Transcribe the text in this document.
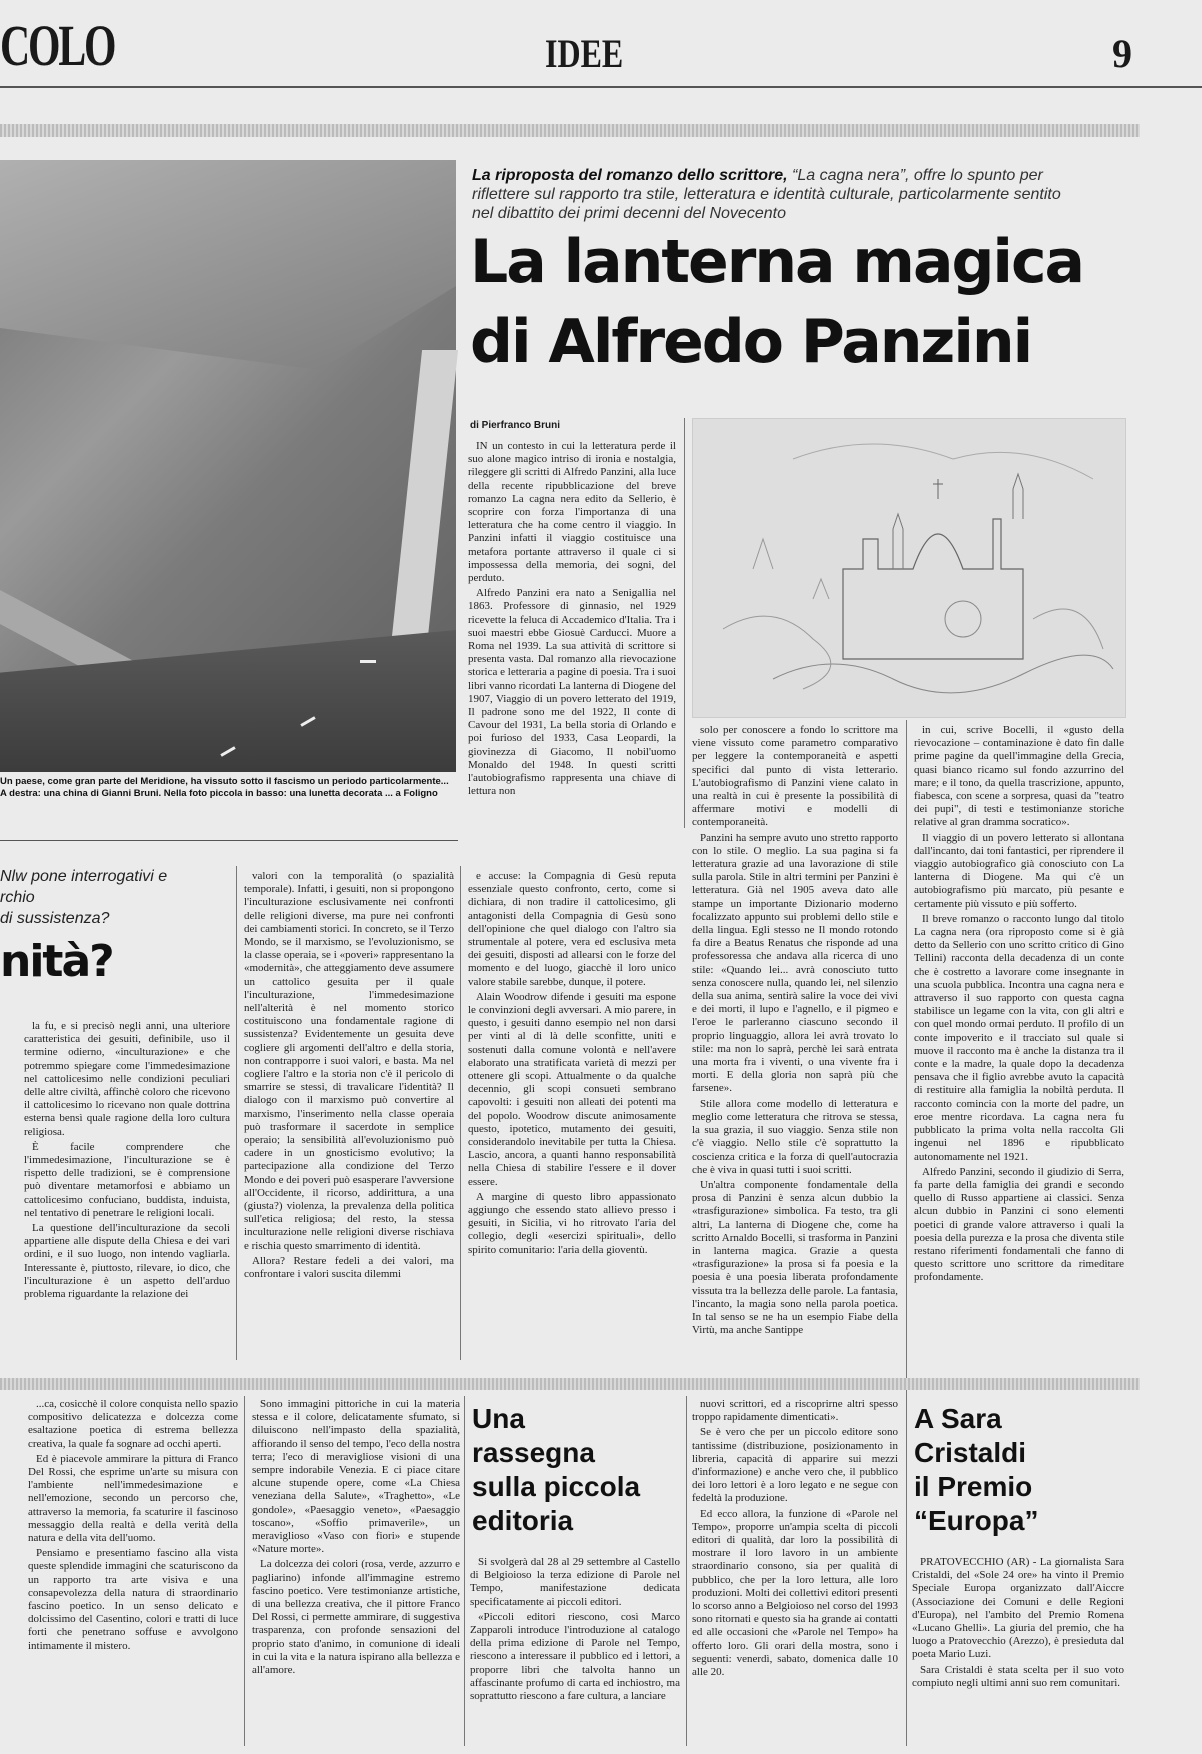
COLO	IDEE	9
Un paese, come gran parte del Meridione, ha vissuto sotto il fascismo un periodo particolarmente... A destra: una china di Gianni Bruni. Nella foto piccola in basso: una lunetta decorata ... a Foligno
La riproposta del romanzo dello scrittore, “La cagna nera”, offre lo spunto per riflettere sul rapporto tra stile, letteratura e identità culturale, particolarmente sentito nel dibattito dei primi decenni del Novecento
La lanterna magica
di Alfredo Panzini
di Pierfranco Bruni

IN un contesto in cui la letteratura perde il suo alone magico intriso di ironia e nostalgia, rileggere gli scritti di Alfredo Panzini, alla luce della recente ripubblicazione del breve romanzo La cagna nera edito da Sellerio, è scoprire con forza l'importanza di una letteratura che ha come centro il viaggio. In Panzini infatti il viaggio costituisce una metafora portante attraverso il quale ci si impossessa della memoria, dei sogni, del perduto.

Alfredo Panzini era nato a Senigallia nel 1863. Professore di ginnasio, nel 1929 ricevette la feluca di Accademico d'Italia. Tra i suoi maestri ebbe Giosuè Carducci. Muore a Roma nel 1939. La sua attività di scrittore si presenta vasta. Dal romanzo alla rievocazione storica e letteraria a pagine di poesia. Tra i suoi libri vanno ricordati La lanterna di Diogene del 1907, Viaggio di un povero letterato del 1919, Il padrone sono me del 1922, Il conte di Cavour del 1931, La bella storia di Orlando e poi furioso del 1933, Casa Leopardi, la giovinezza di Giacomo, Il nobil'uomo Monaldo del 1948. In questi scritti l'autobiografismo rappresenta una chiave di lettura non

solo per conoscere a fondo lo scrittore ma viene vissuto come parametro comparativo per leggere la contemporaneità e aspetti specifici dal punto di vista letterario. L'autobiografismo di Panzini viene calato in una realtà in cui è presente la possibilità di affermare motivi e modelli di contemporaneità.

Panzini ha sempre avuto uno stretto rapporto con lo stile. O meglio. La sua pagina si fa letteratura grazie ad una lavorazione di stile sulla parola. Stile in altri termini per Panzini è letteratura. Già nel 1905 aveva dato alle stampe un importante Dizionario moderno focalizzato appunto sui problemi dello stile e della lingua. Egli stesso ne Il mondo rotondo fa dire a Beatus Renatus che risponde ad una professoressa che andava alla ricerca di uno stile: «Quando lei... avrà conosciuto tutto senza conoscere nulla, quando lei, nel silenzio della sua anima, sentirà salire la voce dei vivi e dei morti, il lupo e l'agnello, e il pigmeo e l'eroe le parleranno ciascuno secondo il proprio linguaggio, allora lei avrà trovato lo stile: ma non lo saprà, perchè lei sarà entrata una morta fra i viventi, o una vivente fra i morti. E della gloria non saprà più che farsene».

Stile allora come modello di letteratura e meglio come letteratura che ritrova se stessa, la sua grazia, il suo viaggio. Senza stile non c'è viaggio. Nello stile c'è soprattutto la coscienza critica e la forza di quell'autocrazia che è viva in quasi tutti i suoi scritti.

Un'altra componente fondamentale della prosa di Panzini è senza alcun dubbio la «trasfigurazione» simbolica. Fa testo, tra gli altri, La lanterna di Diogene che, come ha scritto Arnaldo Bocelli, si trasforma in Panzini in lanterna magica. Grazie a questa «trasfigurazione» la prosa si fa poesia e la poesia è una poesia liberata profondamente vissuta tra la bellezza delle parole. La fantasia, l'incanto, la magia sono nella parola poetica. In tal senso se ne ha un esempio Fiabe della Virtù, ma anche Santippe

in cui, scrive Bocelli, il «gusto della rievocazione – contaminazione è dato fin dalle prime pagine da quell'immagine della Grecia, quasi bianco ricamo sul fondo azzurrino del mare; e il tono, da quella trascrizione, appunto, fiabesca, con scene a sorpresa, quasi da "teatro dei pupi", di testi e testimonianze storiche relative al gran dramma socratico».

Il viaggio di un povero letterato si allontana dall'incanto, dai toni fantastici, per riprendere il viaggio autobiografico già conosciuto con La lanterna di Diogene. Ma qui c'è un autobiografismo più marcato, più pesante e certamente più vissuto e più sofferto.

Il breve romanzo o racconto lungo dal titolo La cagna nera (ora riproposto come si è già detto da Sellerio con uno scritto critico di Gino Tellini) racconta della decadenza di un conte che è costretto a lavorare come insegnante in una scuola pubblica. Incontra una cagna nera e attraverso il suo rapporto con questa cagna stabilisce un legame con la vita, con gli altri e con quel mondo ormai perduto. Il profilo di un conte impoverito e il tracciato sul quale si muove il racconto ma è anche la distanza tra il conte e la madre, la quale dopo la decadenza pensava che il figlio avrebbe avuto la capacità di restituire alla famiglia la nobiltà perduta. Il racconto comincia con la morte del padre, un eroe mentre ricordava. La cagna nera fu pubblicato la prima volta nella raccolta Gli ingenui nel 1896 e ripubblicato autonomamente nel 1921.

Alfredo Panzini, secondo il giudizio di Serra, fa parte della famiglia dei grandi e secondo quello di Russo appartiene ai classici. Senza alcun dubbio in Panzini ci sono elementi poetici di grande valore attraverso i quali la poesia della purezza e la prosa che diventa stile restano riferimenti fondamentali che fanno di questo scrittore uno scrittore da rimeditare profondamente.

Nlw pone interrogativi e
rchio
di sussistenza?
nità?

la fu, e si precisò negli anni, una ulteriore caratteristica dei gesuiti, definibile, uso il termine odierno, «inculturazione» e che potremmo spiegare come l'immedesimazione nel cattolicesimo nelle condizioni peculiari delle altre civiltà, affinchè coloro che ricevono il cattolicesimo lo ricevano non quale dottrina esterna bensì quale ragione della loro cultura religiosa.

È facile comprendere che l'immedesimazione, l'inculturazione se è rispetto delle tradizioni, se è comprensione può diventare metamorfosi e abbiamo un cattolicesimo confuciano, buddista, induista, nel tentativo di penetrare le religioni locali.

La questione dell'inculturazione da secoli appartiene alle dispute della Chiesa e dei vari ordini, e il suo luogo, non intendo vagliarla. Interessante è, piuttosto, rilevare, io dico, che l'inculturazione è un aspetto dell'arduo problema riguardante la relazione dei

valori con la temporalità (o spazialità temporale). Infatti, i gesuiti, non si propongono l'inculturazione esclusivamente nei confronti delle religioni diverse, ma pure nei confronti dei cambiamenti storici. In concreto, se il Terzo Mondo, se il marxismo, se l'evoluzionismo, se la classe operaia, se i «poveri» rappresentano la «modernità», che atteggiamento deve assumere un cattolico gesuita per il quale l'inculturazione, l'immedesimazione nell'alterità è nel momento storico costituiscono una fondamentale ragione di sussistenza? Evidentemente un gesuita deve cogliere gli argomenti dell'altro e della storia, non contrapporre i suoi valori, e basta. Ma nel cogliere l'altro e la storia non c'è il pericolo di smarrire se stessi, di travalicare l'identità? Il dialogo con il marxismo può convertire al marxismo, l'inserimento nella classe operaia può trasformare il sacerdote in semplice operaio; la sensibilità all'evoluzionismo può cadere in un gnosticismo evolutivo; la partecipazione alla condizione del Terzo Mondo e dei poveri può esasperare l'avversione all'Occidente, il ricorso, addirittura, a una (giusta?) violenza, la prevalenza della politica sull'etica religiosa; del resto, la stessa inculturazione nelle religioni diverse rischiava e rischia questo smarrimento di identità.

Allora? Restare fedeli a dei valori, ma confrontare i valori suscita dilemmi

e accuse: la Compagnia di Gesù reputa essenziale questo confronto, certo, come si dichiara, di non tradire il cattolicesimo, gli antagonisti della Compagnia di Gesù sono dell'opinione che quel dialogo con l'altro sia strumentale al potere, vera ed esclusiva meta dei gesuiti, disposti ad allearsi con le forze del momento e del luogo, giacchè il loro unico valore stabile sarebbe, dunque, il potere.

Alain Woodrow difende i gesuiti ma espone le convinzioni degli avversari. A mio parere, in questo, i gesuiti danno esempio nel non darsi per vinti al di là delle sconfitte, uniti e sostenuti dalla comune volontà e nell'avere elaborato una stratificata varietà di mezzi per ottenere gli scopi. Attualmente o da qualche decennio, gli scopi consueti sembrano capovolti: i gesuiti non alleati dei potenti ma del popolo. Woodrow discute animosamente questo, ipotetico, mutamento dei gesuiti, considerandolo inevitabile per tutta la Chiesa. Lascio, ancora, a quanti hanno responsabilità nella Chiesa di stabilire l'essere e il dover essere.

A margine di questo libro appassionato aggiungo che essendo stato allievo presso i gesuiti, in Sicilia, vi ho ritrovato l'aria del collegio, degli «esercizi spirituali», dello spirito comunitario: l'aria della gioventù.

...ca, cosicchè il colore conquista nello spazio compositivo delicatezza e dolcezza come esaltazione poetica di estrema bellezza creativa, la quale fa sognare ad occhi aperti.

Ed è piacevole ammirare la pittura di Franco Del Rossi, che esprime un'arte su misura con l'ambiente nell'immedesimazione e nell'emozione, secondo un percorso che, attraverso la memoria, fa scaturire il fascinoso messaggio della realtà e della verità della natura e della vita dell'uomo.

Pensiamo e presentiamo fascino alla vista queste splendide immagini che scaturiscono da un rapporto tra arte visiva e una consapevolezza della natura di straordinario fascino poetico. In un senso delicato e dolcissimo del Casentino, colori e tratti di luce forti che penetrano soffuse e avvolgono intimamente il mistero.

Sono immagini pittoriche in cui la materia stessa e il colore, delicatamente sfumato, si diluiscono nell'impasto della spazialità, affiorando il senso del tempo, l'eco della nostra terra; l'eco di meravigliose visioni di una sempre indorabile Venezia. E ci piace citare alcune stupende opere, come «La Chiesa veneziana della Salute», «Traghetto», «Le gondole», «Paesaggio veneto», «Paesaggio toscano», «Soffio primaverile», un meraviglioso «Vaso con fiori» e stupende «Nature morte».

La dolcezza dei colori (rosa, verde, azzurro e pagliarino) infonde all'immagine estremo fascino poetico. Vere testimonianze artistiche, di una bellezza creativa, che il pittore Franco Del Rossi, ci permette ammirare, di suggestiva trasparenza, con profonde sensazioni del proprio stato d'animo, in comunione di ideali in cui la vita e la natura ispirano alla bellezza e all'amore.

Una
rassegna
sulla piccola
editoria

Si svolgerà dal 28 al 29 settembre al Castello di Belgioioso la terza edizione di Parole nel Tempo, manifestazione dedicata specificatamente ai piccoli editori.

«Piccoli editori riescono, così Marco Zapparoli introduce l'introduzione al catalogo della prima edizione di Parole nel Tempo, riescono a interessare il pubblico ed i lettori, a proporre libri che talvolta hanno un affascinante profumo di carta ed inchiostro, ma soprattutto riescono a fare cultura, a lanciare

nuovi scrittori, ed a riscoprirne altri spesso troppo rapidamente dimenticati».

Se è vero che per un piccolo editore sono tantissime (distribuzione, posizionamento in libreria, capacità di apparire sui mezzi d'informazione) e anche vero che, il pubblico dei loro lettori è a loro legato e ne segue con fedeltà la produzione.

Ed ecco allora, la funzione di «Parole nel Tempo», proporre un'ampia scelta di piccoli editori di qualità, dar loro la possibilità di mostrare il loro lavoro in un ambiente straordinario consono, sia per qualità di pubblico, che per la loro lettura, alle loro produzioni. Molti dei collettivi editori presenti lo scorso anno a Belgioioso nel corso del 1993 sono ritornati e questo sia ha grande ai contatti ed alle occasioni che «Parole nel Tempo» ha offerto loro. Gli orari della mostra, sono i seguenti: venerdì, sabato, domenica dalle 10 alle 20.

A Sara
Cristaldi
il Premio
“Europa”

PRATOVECCHIO (AR) - La giornalista Sara Cristaldi, del «Sole 24 ore» ha vinto il Premio Speciale Europa organizzato dall'Aiccre (Associazione dei Comuni e delle Regioni d'Europa), nel l'ambito del Premio Romena «Lucano Ghelli». La giuria del premio, che ha luogo a Pratovecchio (Arezzo), è presieduta dal poeta Mario Luzi.

Sara Cristaldi è stata scelta per il suo voto compiuto negli ultimi anni suo rem comunitari.
